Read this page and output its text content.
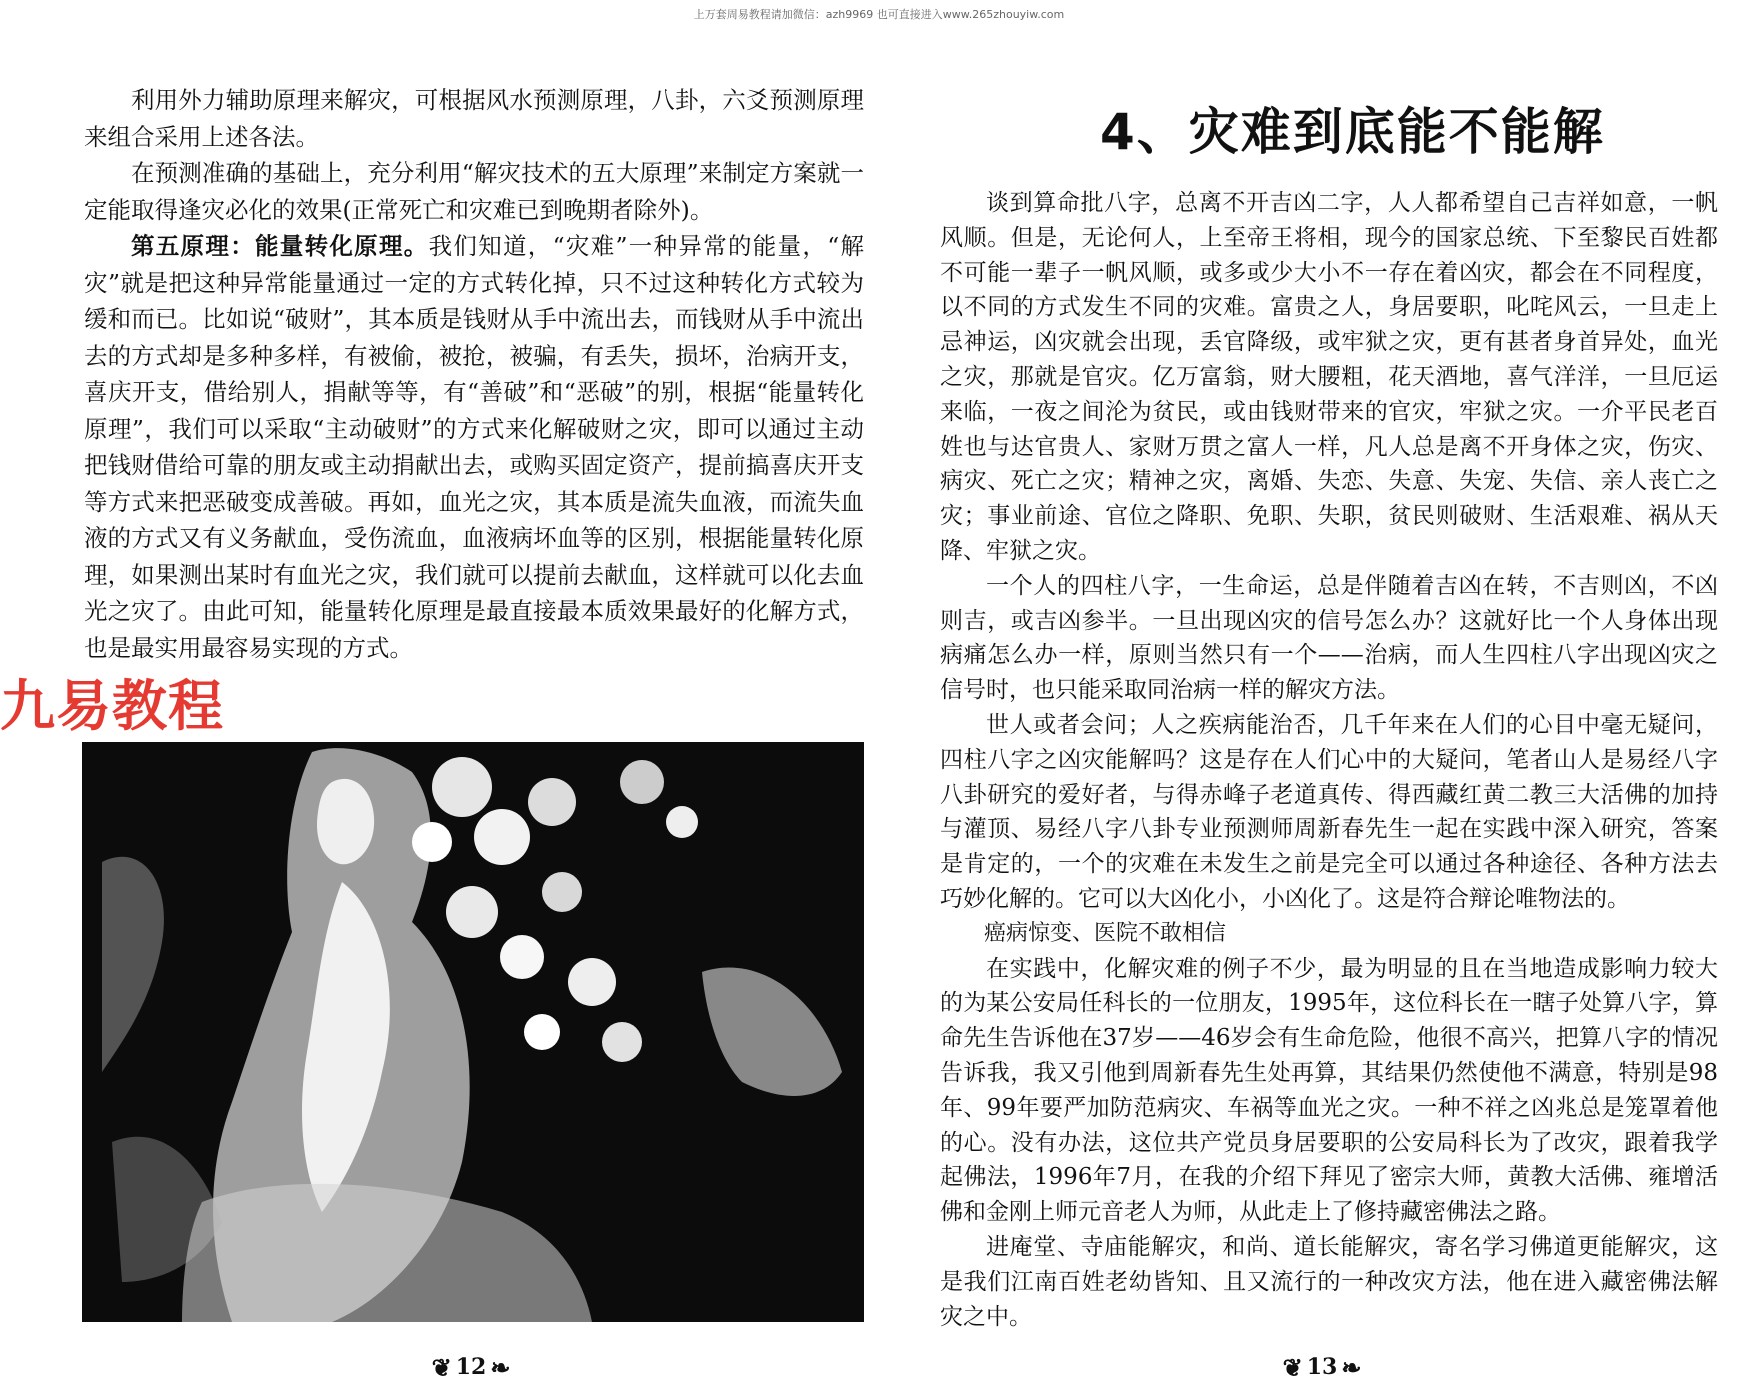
上万套周易教程请加微信：azh9969 也可直接进入www.265zhouyiw.com

利用外力辅助原理来解灾，可根据风水预测原理，八卦，六爻预测原理来组合采用上述各法。

在预测准确的基础上，充分利用“解灾技术的五大原理”来制定方案就一定能取得逢灾必化的效果(正常死亡和灾难已到晚期者除外)。

第五原理：能量转化原理。我们知道，“灾难”一种异常的能量，“解灾”就是把这种异常能量通过一定的方式转化掉，只不过这种转化方式较为缓和而已。比如说“破财”，其本质是钱财从手中流出去，而钱财从手中流出去的方式却是多种多样，有被偷，被抢，被骗，有丢失，损坏，治病开支，喜庆开支，借给别人，捐献等等，有“善破”和“恶破”的别，根据“能量转化原理”，我们可以采取“主动破财”的方式来化解破财之灾，即可以通过主动把钱财借给可靠的朋友或主动捐献出去，或购买固定资产，提前搞喜庆开支等方式来把恶破变成善破。再如，血光之灾，其本质是流失血液，而流失血液的方式又有义务献血，受伤流血，血液病坏血等的区别，根据能量转化原理，如果测出某时有血光之灾，我们就可以提前去献血，这样就可以化去血光之灾了。由此可知，能量转化原理是最直接最本质效果最好的化解方式，也是最实用最容易实现的方式。

九易教程
❦ 12 ❧
4、灾难到底能不能解

谈到算命批八字，总离不开吉凶二字，人人都希望自己吉祥如意，一帆风顺。但是，无论何人，上至帝王将相，现今的国家总统、下至黎民百姓都不可能一辈子一帆风顺，或多或少大小不一存在着凶灾，都会在不同程度，以不同的方式发生不同的灾难。富贵之人，身居要职，叱咤风云，一旦走上忌神运，凶灾就会出现，丢官降级，或牢狱之灾，更有甚者身首异处，血光之灾，那就是官灾。亿万富翁，财大腰粗，花天酒地，喜气洋洋，一旦厄运来临，一夜之间沦为贫民，或由钱财带来的官灾，牢狱之灾。一介平民老百姓也与达官贵人、家财万贯之富人一样，凡人总是离不开身体之灾，伤灾、病灾、死亡之灾；精神之灾，离婚、失恋、失意、失宠、失信、亲人丧亡之灾；事业前途、官位之降职、免职、失职，贫民则破财、生活艰难、祸从天降、牢狱之灾。

一个人的四柱八字，一生命运，总是伴随着吉凶在转，不吉则凶，不凶则吉，或吉凶参半。一旦出现凶灾的信号怎么办？这就好比一个人身体出现病痛怎么办一样，原则当然只有一个——治病，而人生四柱八字出现凶灾之信号时，也只能采取同治病一样的解灾方法。

世人或者会问；人之疾病能治否，几千年来在人们的心目中毫无疑问，四柱八字之凶灾能解吗？这是存在人们心中的大疑问，笔者山人是易经八字八卦研究的爱好者，与得赤峰子老道真传、得西藏红黄二教三大活佛的加持与灌顶、易经八字八卦专业预测师周新春先生一起在实践中深入研究，答案是肯定的，一个的灾难在未发生之前是完全可以通过各种途径、各种方法去巧妙化解的。它可以大凶化小，小凶化了。这是符合辩论唯物法的。

癌病惊变、医院不敢相信

在实践中，化解灾难的例子不少，最为明显的且在当地造成影响力较大的为某公安局任科长的一位朋友，1995年，这位科长在一瞎子处算八字，算命先生告诉他在37岁——46岁会有生命危险，他很不高兴，把算八字的情况告诉我，我又引他到周新春先生处再算，其结果仍然使他不满意，特别是98年、99年要严加防范病灾、车祸等血光之灾。一种不祥之凶兆总是笼罩着他的心。没有办法，这位共产党员身居要职的公安局科长为了改灾，跟着我学起佛法，1996年7月，在我的介绍下拜见了密宗大师，黄教大活佛、雍增活佛和金刚上师元音老人为师，从此走上了修持藏密佛法之路。

进庵堂、寺庙能解灾，和尚、道长能解灾，寄名学习佛道更能解灾，这是我们江南百姓老幼皆知、且又流行的一种改灾方法，他在进入藏密佛法解灾之中。

❦ 13 ❧
